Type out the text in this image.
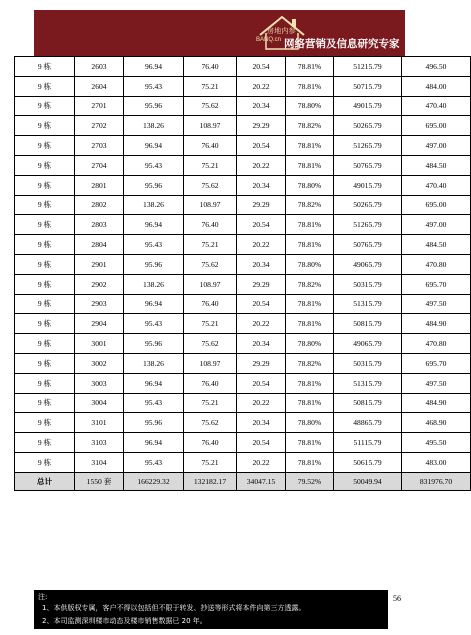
房地内参
BANQ.cn 网络营销及信息研究专家
9 栋	2603	96.94	76.40	20.54	78.81%	51215.79	496.50
9 栋	2604	95.43	75.21	20.22	78.81%	50715.79	484.00
9 栋	2701	95.96	75.62	20.34	78.80%	49015.79	470.40
9 栋	2702	138.26	108.97	29.29	78.82%	50265.79	695.00
9 栋	2703	96.94	76.40	20.54	78.81%	51265.79	497.00
9 栋	2704	95.43	75.21	20.22	78.81%	50765.79	484.50
9 栋	2801	95.96	75.62	20.34	78.80%	49015.79	470.40
9 栋	2802	138.26	108.97	29.29	78.82%	50265.79	695.00
9 栋	2803	96.94	76.40	20.54	78.81%	51265.79	497.00
9 栋	2804	95.43	75.21	20.22	78.81%	50765.79	484.50
9 栋	2901	95.96	75.62	20.34	78.80%	49065.79	470.80
9 栋	2902	138.26	108.97	29.29	78.82%	50315.79	695.70
9 栋	2903	96.94	76.40	20.54	78.81%	51315.79	497.50
9 栋	2904	95.43	75.21	20.22	78.81%	50815.79	484.90
9 栋	3001	95.96	75.62	20.34	78.80%	49065.79	470.80
9 栋	3002	138.26	108.97	29.29	78.82%	50315.79	695.70
9 栋	3003	96.94	76.40	20.54	78.81%	51315.79	497.50
9 栋	3004	95.43	75.21	20.22	78.81%	50815.79	484.90
9 栋	3101	95.96	75.62	20.34	78.80%	48865.79	468.90
9 栋	3103	96.94	76.40	20.54	78.81%	51115.79	495.50
9 栋	3104	95.43	75.21	20.22	78.81%	50615.79	483.00
总计	1550 套	166229.32	132182.17	34047.15	79.52%	50049.94	831976.70
注:
1、本供版权专属，客户不得以包括但不限于转发、抄送等形式将本件向第三方透露。
2、本司监测深圳楼市动态及楼市销售数据已 20 年。
56
